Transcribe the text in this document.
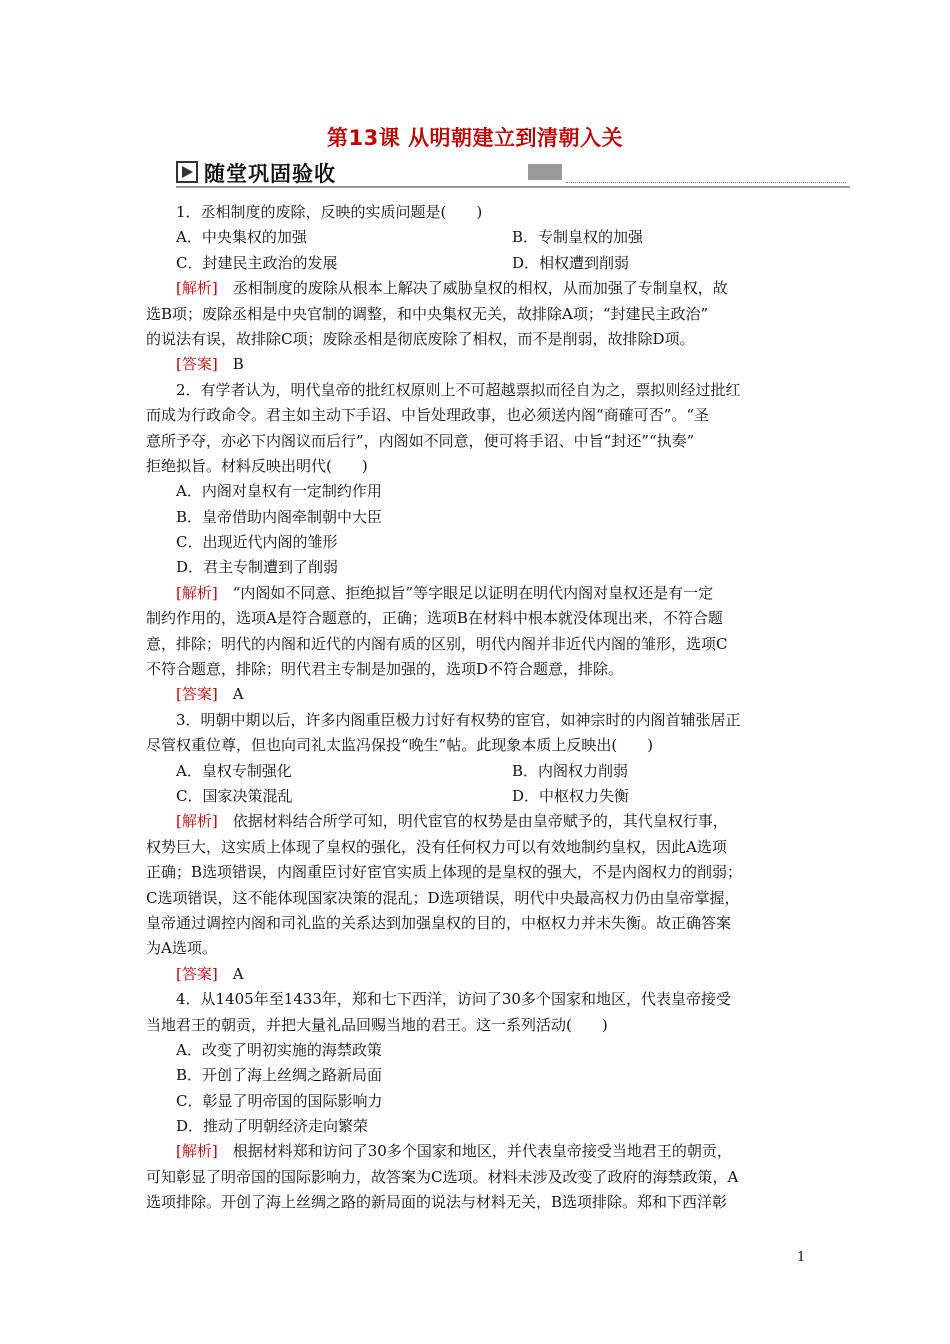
第13课 从明朝建立到清朝入关
随堂巩固验收
1．丞相制度的废除，反映的实质问题是(　　)
A．中央集权的加强	B．专制皇权的加强
C．封建民主政治的发展	D．相权遭到削弱
[解析]　 丞相制度的废除从根本上解决了威胁皇权的相权，从而加强了专制皇权，故
选B项；废除丞相是中央官制的调整，和中央集权无关，故排除A项；“封建民主政治”
的说法有误，故排除C项；废除丞相是彻底废除了相权，而不是削弱，故排除D项。
[答案]　 B
2．有学者认为，明代皇帝的批红权原则上不可超越票拟而径自为之，票拟则经过批红
而成为行政命令。君主如主动下手诏、中旨处理政事，也必须送内阁“商確可否”。“圣
意所予夺，亦必下内阁议而后行”，内阁如不同意，便可将手诏、中旨“封还”“执奏”
拒绝拟旨。材料反映出明代(　　)
A．内阁对皇权有一定制约作用
B．皇帝借助内阁牵制朝中大臣
C．出现近代内阁的雏形
D．君主专制遭到了削弱
[解析]　 “内阁如不同意、拒绝拟旨”等字眼足以证明在明代内阁对皇权还是有一定
制约作用的，选项A是符合题意的，正确；选项B在材料中根本就没体现出来，不符合题
意，排除；明代的内阁和近代的内阁有质的区别，明代内阁并非近代内阁的雏形，选项C
不符合题意，排除；明代君主专制是加强的，选项D不符合题意，排除。
[答案]　 A
3．明朝中期以后，许多内阁重臣极力讨好有权势的宦官，如神宗时的内阁首辅张居正
尽管权重位尊，但也向司礼太监冯保投“晚生”帖。此现象本质上反映出(　　)
A．皇权专制强化	B．内阁权力削弱
C．国家决策混乱	D．中枢权力失衡
[解析]　 依据材料结合所学可知，明代宦官的权势是由皇帝赋予的，其代皇权行事，
权势巨大，这实质上体现了皇权的强化，没有任何权力可以有效地制约皇权，因此A选项
正确；B选项错误，内阁重臣讨好宦官实质上体现的是皇权的强大，不是内阁权力的削弱；
C选项错误，这不能体现国家决策的混乱；D选项错误，明代中央最高权力仍由皇帝掌握，
皇帝通过调控内阁和司礼监的关系达到加强皇权的目的，中枢权力并未失衡。故正确答案
为A选项。
[答案]　 A
4．从1405年至1433年，郑和七下西洋，访问了30多个国家和地区，代表皇帝接受
当地君王的朝贡，并把大量礼品回赐当地的君王。这一系列活动(　　)
A．改变了明初实施的海禁政策
B．开创了海上丝绸之路新局面
C．彰显了明帝国的国际影响力
D．推动了明朝经济走向繁荣
[解析]　 根据材料郑和访问了30多个国家和地区，并代表皇帝接受当地君王的朝贡，
可知彰显了明帝国的国际影响力，故答案为C选项。材料未涉及改变了政府的海禁政策，A
选项排除。开创了海上丝绸之路的新局面的说法与材料无关，B选项排除。郑和下西洋彰
1
